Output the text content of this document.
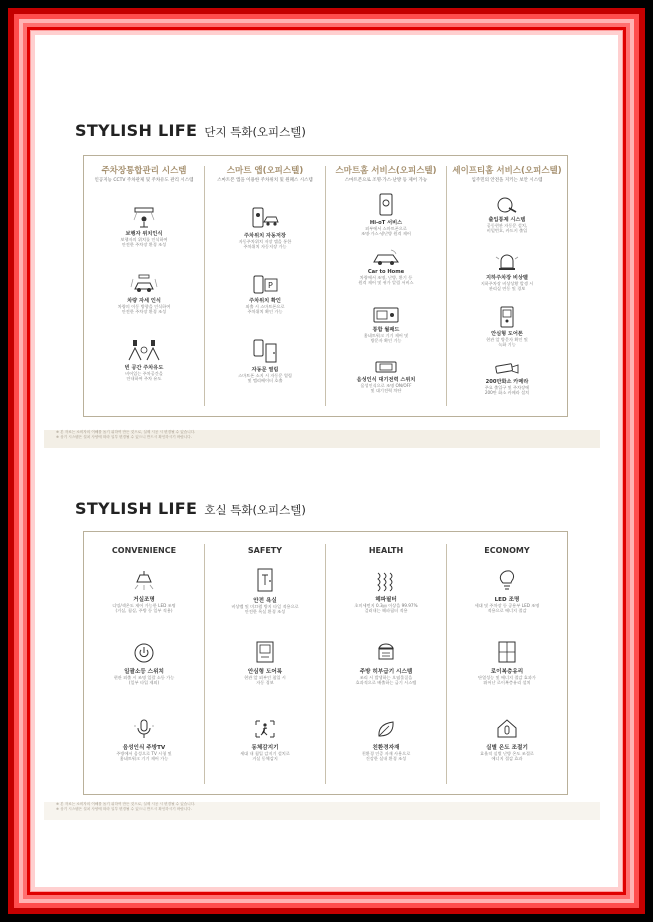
STYLISH LIFE 단지 특화(오피스텔)
주차장통합관리 시스템
인공지능 CCTV 주차관제 및 주차유도 관리 시스템
보행자 위치인식
보행자의 위치를 인식하여
안전한 주차장 환경 조성
차량 자세 인식
차량의 이동 방향을 인식하여
안전한 주차장 환경 조성
빈 공간 주차유도
비어있는 주차공간을
안내하여 주차 유도
스마트 앱(오피스텔)
스마트폰 앱을 이용한 주차위치 및 원패스 시스템
주차위치 자동저장
자동주차위치 저장 앱을 통한
주차위치 자동저장 가능
P
주차위치 확인
외출 시 스마트폰으로
주차위치 확인 가능
자동문 열림
스마트폰 소지 시 자동문 열림
및 엘리베이터 호출
스마트홈 서비스(오피스텔)
스마트폰으로 조명·가스·난방 등 제어 가능
Hi-oT 서비스
외부에서 스마트폰으로
조명·가스·냉난방 원격 제어
Car to Home
차량에서 조명, 난방, 환기 등
원격 제어 및 귀가 알림 서비스
통합 월패드
홈네트워크 기기 제어 및
방문자 확인 기능
음성인식 대기전력 스위치
음성인식으로 조명 ON/OFF
및 대기전력 차단
세이프티홈 서비스(오피스텔)
입주민의 안전을 지키는 보안 시스템
출입통제 시스템
공동현관 자동문 설치,
비밀번호, 카드키 출입
지하주차장 비상벨
지하주차장 비상상황 발생 시
관리실 연동 및 경보
안심형 도어폰
현관 앞 방문자 확인 및
녹화 기능
200만화소 카메라
주요 출입구 및 주차장에
200만 화소 카메라 설치
※ 본 자료는 소비자의 이해를 돕기 위하여 만든 것으로, 실제 시공 시 변경될 수 있습니다.
※ 상기 시스템은 설치 사양에 따라 일부 변경될 수 있으니 반드시 확인하시기 바랍니다.
STYLISH LIFE 호실 특화(오피스텔)
CONVENIENCE
거실조명
디밍/색온도 제어 가능한 LED 조명
(거실, 침실, 주방 등 일부 적용)
일괄소등 스위치
현관 외출 시 조명 일괄 소등 가능
(일부 타입 제외)
음성인식 주방TV
주방에서 음성으로 TV 시청 및
홈네트워크 기기 제어 가능
SAFETY
안전 욕실
비상벨 및 미끄럼 방지 타일 적용으로
안전한 욕실 환경 조성
안심형 도어록
현관 앞 외부인 침입 시
자동 경보
동체감지기
세대 내 침입 감지기 설치로
거실 동체감지
HEALTH
헤파필터
초미세먼지 0.3㎛ 이상을 99.97%
걸러내는 헤파필터 적용
주방 히부급기 시스템
조리 시 발생하는 오염물질을
효과적으로 배출하는 급기 시스템
친환경자재
친환경 인증 자재 사용으로
건강한 실내 환경 조성
ECONOMY
LED 조명
세대 및 주차장 등 공용부 LED 조명
적용으로 에너지 절감
로이복층유리
단열성능 및 에너지 절감 효과가
뛰어난 로이복층유리 설치
실별 온도 조절기
효율적 실별 난방 온도 조절로
에너지 절감 효과
※ 본 자료는 소비자의 이해를 돕기 위하여 만든 것으로, 실제 시공 시 변경될 수 있습니다.
※ 상기 시스템은 설치 사양에 따라 일부 변경될 수 있으니 반드시 확인하시기 바랍니다.
